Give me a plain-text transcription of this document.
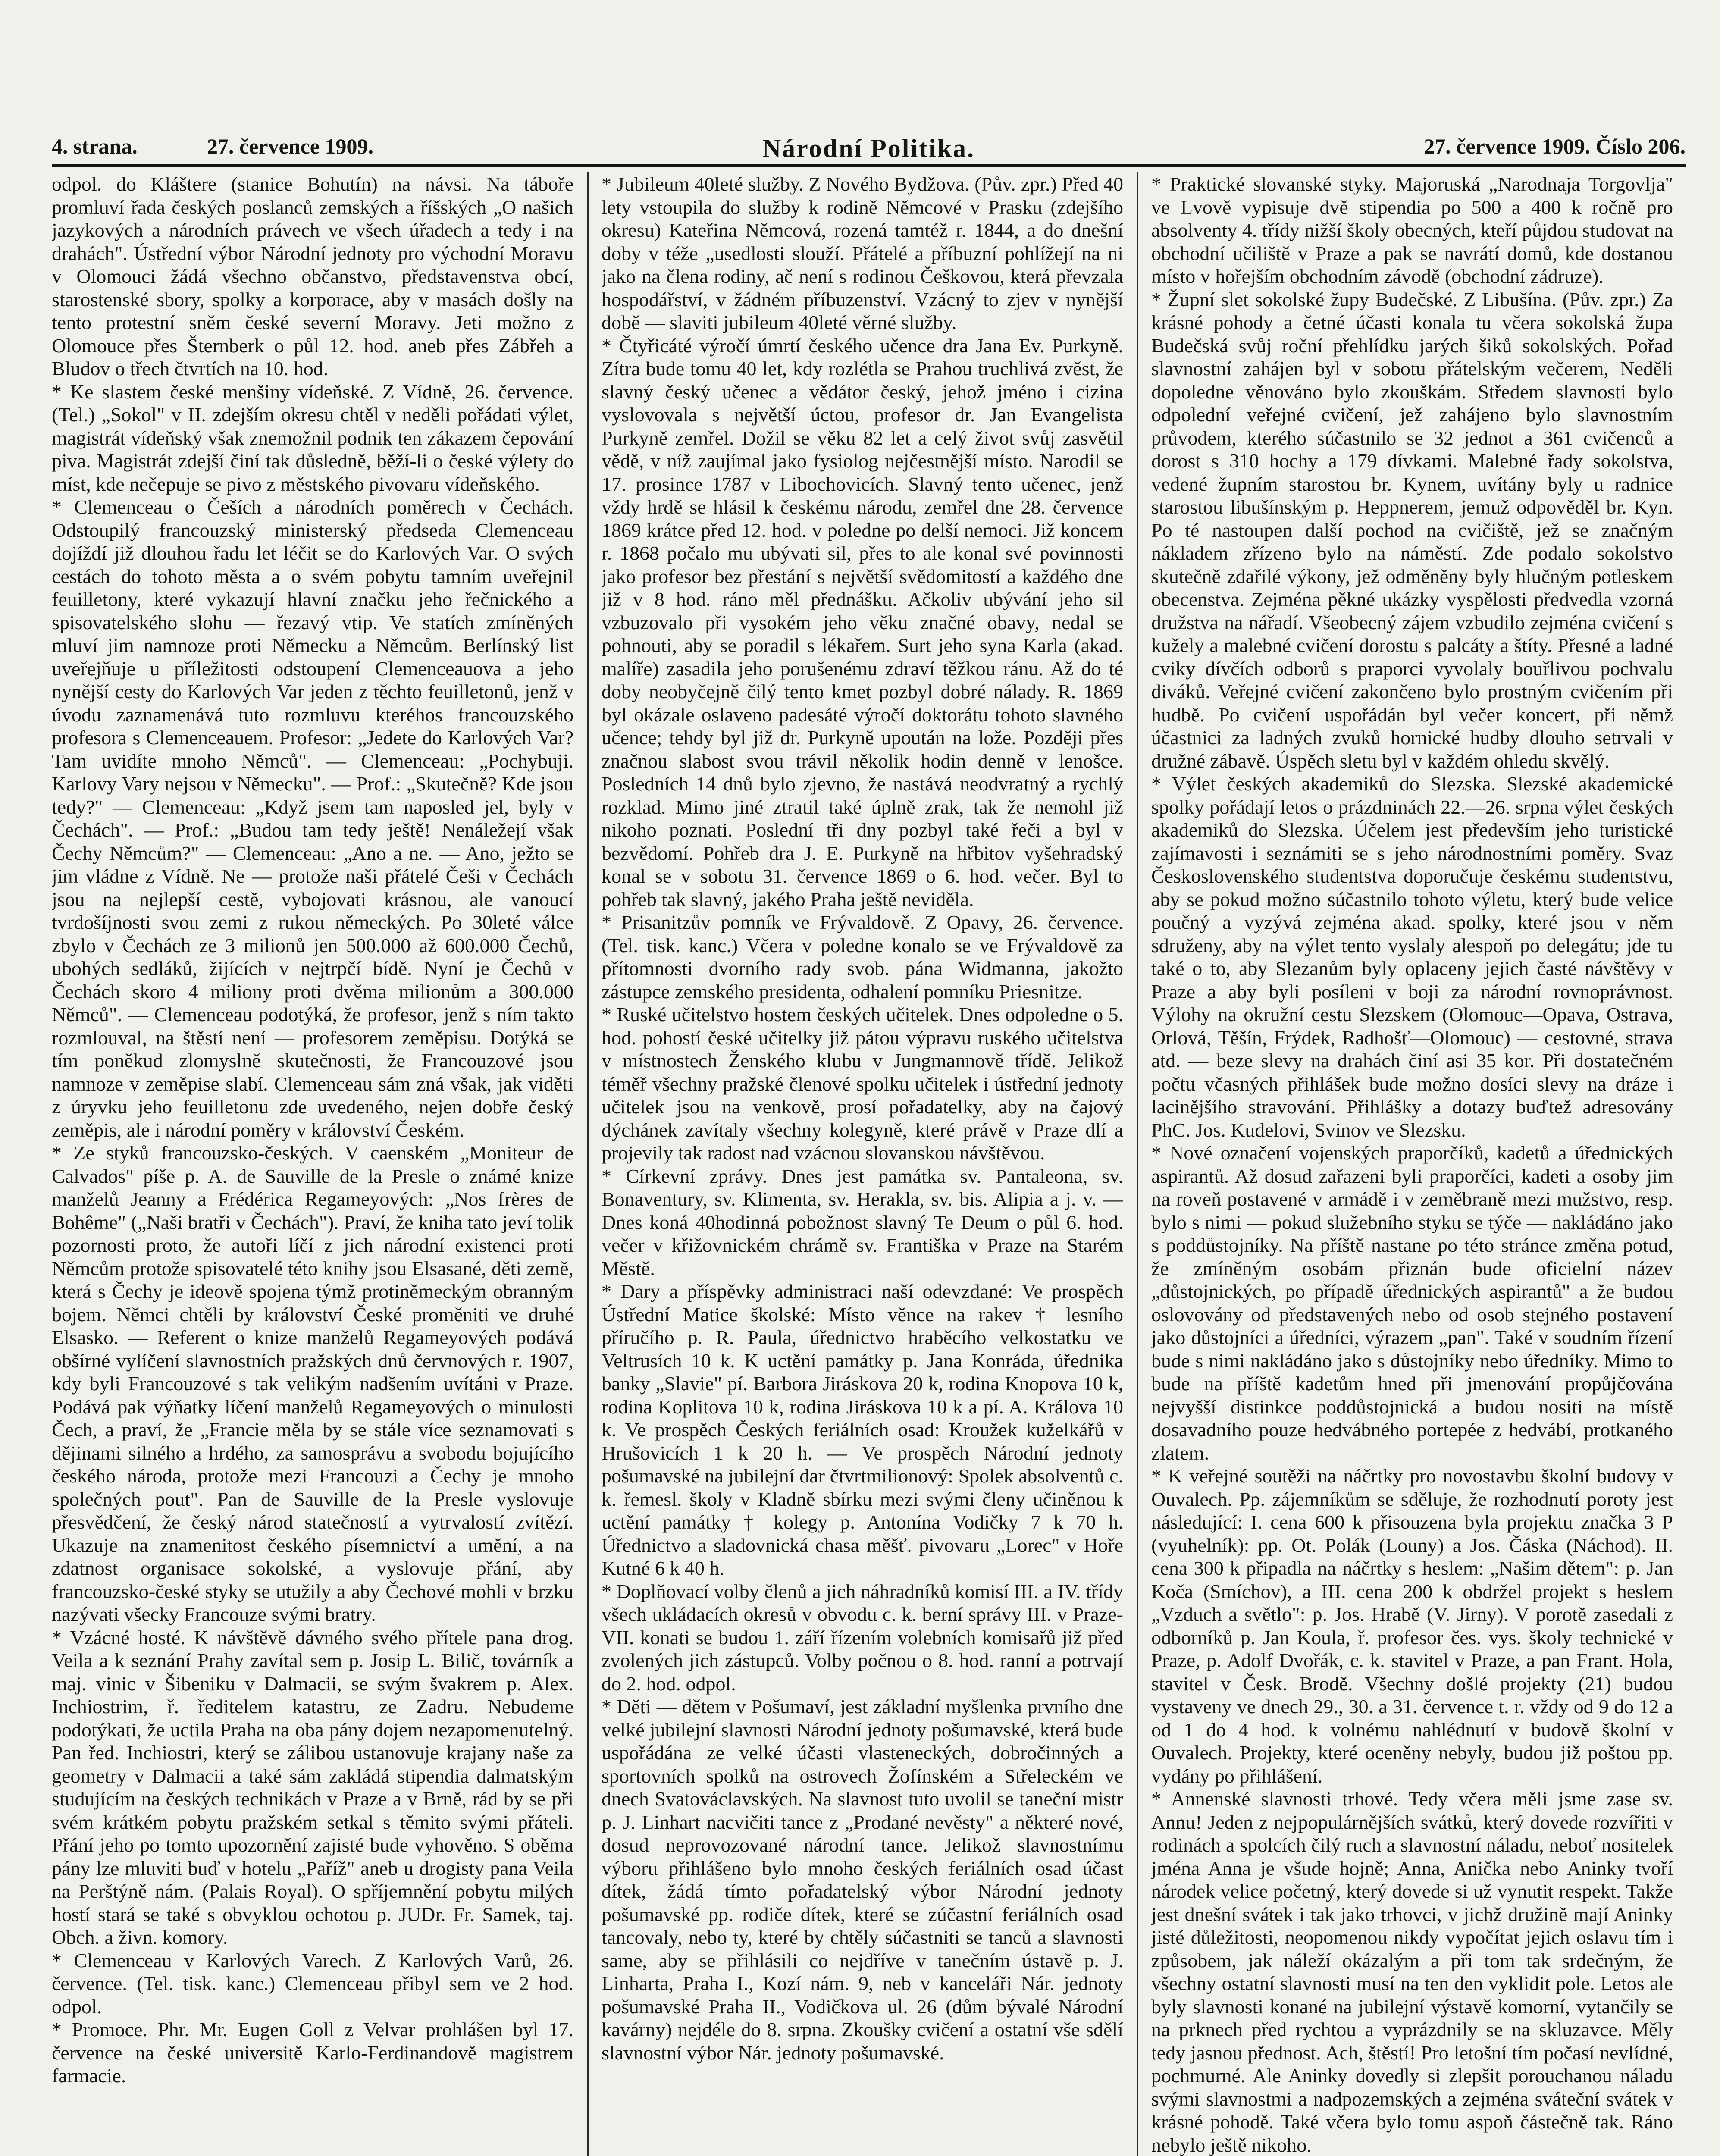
4. strana.	27. července 1909.	Národní Politika.	27. července 1909. Číslo 206.

odpol. do Kláštere (stanice Bohutín) na návsi. Na táboře promluví řada českých poslanců zemských a říšských „O našich jazykových a národních právech ve všech úřadech a tedy i na drahách". Ústřední výbor Národní jednoty pro východní Moravu v Olomouci žádá všechno občanstvo, představenstva obcí, starostenské sbory, spolky a korporace, aby v masách došly na tento protestní sněm české severní Moravy. Jeti možno z Olomouce přes Šternberk o půl 12. hod. aneb přes Zábřeh a Bludov o třech čtvrtích na 10. hod.

* Ke slastem české menšiny vídeňské. Z Vídně, 26. července. (Tel.) „Sokol" v II. zdejším okresu chtěl v neděli pořádati výlet, magistrát vídeňský však znemožnil podnik ten zákazem čepování piva. Magistrát zdejší činí tak důsledně, běží-li o české výlety do míst, kde nečepuje se pivo z městského pivovaru vídeňského.

* Clemenceau o Češích a národních poměrech v Čechách. Odstoupilý francouzský ministerský předseda Clemenceau dojíždí již dlouhou řadu let léčit se do Karlových Var. O svých cestách do tohoto města a o svém pobytu tamním uveřejnil feuilletony, které vykazují hlavní značku jeho řečnického a spisovatelského slohu — řezavý vtip. Ve statích zmíněných mluví jim namnoze proti Německu a Němcům. Berlínský list uveřejňuje u příležitosti odstoupení Clemenceauova a jeho nynější cesty do Karlových Var jeden z těchto feuilletonů, jenž v úvodu zaznamenává tuto rozmluvu kteréhos francouzského profesora s Clemenceauem. Profesor: „Jedete do Karlových Var? Tam uvidíte mnoho Němců". — Clemenceau: „Pochybuji. Karlovy Vary nejsou v Německu". — Prof.: „Skutečně? Kde jsou tedy?" — Clemenceau: „Když jsem tam naposled jel, byly v Čechách". — Prof.: „Budou tam tedy ještě! Nenáležejí však Čechy Němcům?" — Clemenceau: „Ano a ne. — Ano, ježto se jim vládne z Vídně. Ne — protože naši přátelé Češi v Čechách jsou na nejlepší cestě, vybojovati krásnou, ale vanoucí tvrdošíjnosti svou zemi z rukou německých. Po 30leté válce zbylo v Čechách ze 3 milionů jen 500.000 až 600.000 Čechů, ubohých sedláků, žijících v nejtrpčí bídě. Nyní je Čechů v Čechách skoro 4 miliony proti dvěma milionům a 300.000 Němců". — Clemenceau podotýká, že profesor, jenž s ním takto rozmlouval, na štěstí není — profesorem zeměpisu. Dotýká se tím poněkud zlomyslně skutečnosti, že Francouzové jsou namnoze v zeměpise slabí. Clemenceau sám zná však, jak viděti z úryvku jeho feuilletonu zde uvedeného, nejen dobře český zeměpis, ale i národní poměry v království Českém.

* Ze styků francouzsko-českých. V caenském „Moniteur de Calvados" píše p. A. de Sauville de la Presle o známé knize manželů Jeanny a Frédérica Regameyových: „Nos frères de Bohême" („Naši bratři v Čechách"). Praví, že kniha tato jeví tolik pozornosti proto, že autoři líčí z jich národní existenci proti Němcům protože spisovatelé této knihy jsou Elsasané, děti země, která s Čechy je ideově spojena týmž protiněmeckým obranným bojem. Němci chtěli by království České proměniti ve druhé Elsasko. — Referent o knize manželů Regameyových podává obšírné vylíčení slavnostních pražských dnů červnových r. 1907, kdy byli Francouzové s tak velikým nadšením uvítáni v Praze. Podává pak výňatky líčení manželů Regameyových o minulosti Čech, a praví, že „Francie měla by se stále více seznamovati s dějinami silného a hrdého, za samosprávu a svobodu bojujícího českého národa, protože mezi Francouzi a Čechy je mnoho společných pout". Pan de Sauville de la Presle vyslovuje přesvědčení, že český národ statečností a vytrvalostí zvítězí. Ukazuje na znamenitost českého písemnictví a umění, a na zdatnost organisace sokolské, a vyslovuje přání, aby francouzsko-české styky se utužily a aby Čechové mohli v brzku nazývati všecky Francouze svými bratry.

* Vzácné hosté. K návštěvě dávného svého přítele pana drog. Veila a k seznání Prahy zavítal sem p. Josip L. Bilič, továrník a maj. vinic v Šibeniku v Dalmacii, se svým švakrem p. Alex. Inchiostrim, ř. ředitelem katastru, ze Zadru. Nebudeme podotýkati, že uctila Praha na oba pány dojem nezapomenutelný. Pan řed. Inchiostri, který se zálibou ustanovuje krajany naše za geometry v Dalmacii a také sám zakládá stipendia dalmatským studujícím na českých technikách v Praze a v Brně, rád by se při svém krátkém pobytu pražském setkal s těmito svými přáteli. Přání jeho po tomto upozornění zajisté bude vyhověno. S oběma pány lze mluviti buď v hotelu „Paříž" aneb u drogisty pana Veila na Perštýně nám. (Palais Royal). O spříjemnění pobytu milých hostí stará se také s obvyklou ochotou p. JUDr. Fr. Samek, taj. Obch. a živn. komory.

* Clemenceau v Karlových Varech. Z Karlových Varů, 26. července. (Tel. tisk. kanc.) Clemenceau přibyl sem ve 2 hod. odpol.

* Promoce. Phr. Mr. Eugen Goll z Velvar prohlášen byl 17. července na české universitě Karlo-Ferdinandově magistrem farmacie.

* Jubileum 40leté služby. Z Nového Bydžova. (Pův. zpr.) Před 40 lety vstoupila do služby k rodině Němcové v Prasku (zdejšího okresu) Kateřina Němcová, rozená tamtéž r. 1844, a do dnešní doby v téže „usedlosti slouží. Přátelé a příbuzní pohlížejí na ni jako na člena rodiny, ač není s rodinou Češkovou, která převzala hospodářství, v žádném příbuzenství. Vzácný to zjev v nynější době — slaviti jubileum 40leté věrné služby.

* Čtyřicáté výročí úmrtí českého učence dra Jana Ev. Purkyně. Zítra bude tomu 40 let, kdy rozlétla se Prahou truchlivá zvěst, že slavný český učenec a vědátor český, jehož jméno i cizina vyslovovala s největší úctou, profesor dr. Jan Evangelista Purkyně zemřel. Dožil se věku 82 let a celý život svůj zasvětil vědě, v níž zaujímal jako fysiolog nejčestnější místo. Narodil se 17. prosince 1787 v Libochovicích. Slavný tento učenec, jenž vždy hrdě se hlásil k českému národu, zemřel dne 28. července 1869 krátce před 12. hod. v poledne po delší nemoci. Již koncem r. 1868 počalo mu ubývati sil, přes to ale konal své povinnosti jako profesor bez přestání s největší svědomitostí a každého dne již v 8 hod. ráno měl přednášku. Ačkoliv ubývání jeho sil vzbuzovalo při vysokém jeho věku značné obavy, nedal se pohnouti, aby se poradil s lékařem. Surt jeho syna Karla (akad. malíře) zasadila jeho porušenému zdraví těžkou ránu. Až do té doby neobyčejně čilý tento kmet pozbyl dobré nálady. R. 1869 byl okázale oslaveno padesáté výročí doktorátu tohoto slavného učence; tehdy byl již dr. Purkyně upoután na lože. Později přes značnou slabost svou trávil několik hodin denně v lenošce. Posledních 14 dnů bylo zjevno, že nastává neodvratný a rychlý rozklad. Mimo jiné ztratil také úplně zrak, tak že nemohl již nikoho poznati. Poslední tři dny pozbyl také řeči a byl v bezvědomí. Pohřeb dra J. E. Purkyně na hřbitov vyšehradský konal se v sobotu 31. července 1869 o 6. hod. večer. Byl to pohřeb tak slavný, jakého Praha ještě neviděla.

* Prisanitzův pomník ve Frývaldově. Z Opavy, 26. července. (Tel. tisk. kanc.) Včera v poledne konalo se ve Frývaldově za přítomnosti dvorního rady svob. pána Widmanna, jakožto zástupce zemského presidenta, odhalení pomníku Priesnitze.

* Ruské učitelstvo hostem českých učitelek. Dnes odpoledne o 5. hod. pohostí české učitelky již pátou výpravu ruského učitelstva v místnostech Ženského klubu v Jungmannově třídě. Jelikož téměř všechny pražské členové spolku učitelek i ústřední jednoty učitelek jsou na venkově, prosí pořadatelky, aby na čajový dýchánek zavítaly všechny kolegyně, které právě v Praze dlí a projevily tak radost nad vzácnou slovanskou návštěvou.

* Církevní zprávy. Dnes jest památka sv. Pantaleona, sv. Bonaventury, sv. Klimenta, sv. Herakla, sv. bis. Alipia a j. v. — Dnes koná 40hodinná pobožnost slavný Te Deum o půl 6. hod. večer v křižovnickém chrámě sv. Františka v Praze na Starém Městě.

* Dary a příspěvky administraci naší odevzdané: Ve prospěch Ústřední Matice školské: Místo věnce na rakev † lesního příručího p. R. Paula, úřednictvo hraběcího velkostatku ve Veltrusích 10 k. K uctění památky p. Jana Konráda, úřednika banky „Slavie" pí. Barbora Jiráskova 20 k, rodina Knopova 10 k, rodina Koplitova 10 k, rodina Jiráskova 10 k a pí. A. Králova 10 k. Ve prospěch Českých feriálních osad: Kroužek kuželkářů v Hrušovicích 1 k 20 h. — Ve prospěch Národní jednoty pošumavské na jubilejní dar čtvrtmilionový: Spolek absolventů c. k. řemesl. školy v Kladně sbírku mezi svými členy učiněnou k uctění památky † kolegy p. Antonína Vodičky 7 k 70 h. Úřednictvo a sladovnická chasa měšť. pivovaru „Lorec" v Hoře Kutné 6 k 40 h.

* Doplňovací volby členů a jich náhradníků komisí III. a IV. třídy všech ukládacích okresů v obvodu c. k. berní správy III. v Praze-VII. konati se budou 1. září řízením volebních komisařů již před zvolených jich zástupců. Volby počnou o 8. hod. ranní a potrvají do 2. hod. odpol.

* Děti — dětem v Pošumaví, jest základní myšlenka prvního dne velké jubilejní slavnosti Národní jednoty pošumavské, která bude uspořádána ze velké účasti vlasteneckých, dobročinných a sportovních spolků na ostrovech Žofínském a Střeleckém ve dnech Svatováclavských. Na slavnost tuto uvolil se taneční mistr p. J. Linhart nacvičiti tance z „Prodané nevěsty" a některé nové, dosud neprovozované národní tance. Jelikož slavnostnímu výboru přihlášeno bylo mnoho českých feriálních osad účast dítek, žádá tímto pořadatelský výbor Národní jednoty pošumavské pp. rodiče dítek, které se zúčastní feriálních osad tancovaly, nebo ty, které by chtěly súčastniti se tanců a slavnosti same, aby se přihlásili co nejdříve v tanečním ústavě p. J. Linharta, Praha I., Kozí nám. 9, neb v kanceláři Nár. jednoty pošumavské Praha II., Vodičkova ul. 26 (dům bývalé Národní kavárny) nejdéle do 8. srpna. Zkoušky cvičení a ostatní vše sdělí slavnostní výbor Nár. jednoty pošumavské.

* Praktické slovanské styky. Majoruská „Narodnaja Torgovlja" ve Lvově vypisuje dvě stipendia po 500 a 400 k ročně pro absolventy 4. třídy nižší školy obecných, kteří půjdou studovat na obchodní učiliště v Praze a pak se navrátí domů, kde dostanou místo v hořejším obchodním závodě (obchodní zádruze).

* Župní slet sokolské župy Budečské. Z Libušína. (Pův. zpr.) Za krásné pohody a četné účasti konala tu včera sokolská župa Budečská svůj roční přehlídku jarých šiků sokolských. Pořad slavnostní zahájen byl v sobotu přátelským večerem, Neděli dopoledne věnováno bylo zkouškám. Středem slavnosti bylo odpolední veřejné cvičení, jež zahájeno bylo slavnostním průvodem, kterého súčastnilo se 32 jednot a 361 cvičenců a dorost s 310 hochy a 179 dívkami. Malebné řady sokolstva, vedené župním starostou br. Kynem, uvítány byly u radnice starostou libušínským p. Heppnerem, jemuž odpověděl br. Kyn. Po té nastoupen další pochod na cvičiště, jež se značným nákladem zřízeno bylo na náměstí. Zde podalo sokolstvo skutečně zdařilé výkony, jež odměněny byly hlučným potleskem obecenstva. Zejména pěkné ukázky vyspělosti předvedla vzorná družstva na nářadí. Všeobecný zájem vzbudilo zejména cvičení s kužely a malebné cvičení dorostu s palcáty a štíty. Přesné a ladné cviky dívčích odborů s praporci vyvolaly bouřlivou pochvalu diváků. Veřejné cvičení zakončeno bylo prostným cvičením při hudbě. Po cvičení uspořádán byl večer koncert, při němž účastnici za ladných zvuků hornické hudby dlouho setrvali v družné zábavě. Úspěch sletu byl v každém ohledu skvělý.

* Výlet českých akademiků do Slezska. Slezské akademické spolky pořádají letos o prázdninách 22.—26. srpna výlet českých akademiků do Slezska. Účelem jest především jeho turistické zajímavosti i seznámiti se s jeho národnostními poměry. Svaz Československého studentstva doporučuje českému studentstvu, aby se pokud možno súčastnilo tohoto výletu, který bude velice poučný a vyzývá zejména akad. spolky, které jsou v něm sdruženy, aby na výlet tento vyslaly alespoň po delegátu; jde tu také o to, aby Slezanům byly oplaceny jejich časté návštěvy v Praze a aby byli posíleni v boji za národní rovnoprávnost. Výlohy na okružní cestu Slezskem (Olomouc—Opava, Ostrava, Orlová, Těšín, Frýdek, Radhošť—Olomouc) — cestovné, strava atd. — beze slevy na drahách činí asi 35 kor. Při dostatečném počtu včasných přihlášek bude možno dosíci slevy na dráze i lacinějšího stravování. Přihlášky a dotazy buďtež adresovány PhC. Jos. Kudelovi, Svinov ve Slezsku.

* Nové označení vojenských praporčíků, kadetů a úřednických aspirantů. Až dosud zařazeni byli praporčíci, kadeti a osoby jim na roveň postavené v armádě i v zeměbraně mezi mužstvo, resp. bylo s nimi — pokud služebního styku se týče — nakládáno jako s poddůstojníky. Na příště nastane po této stránce změna potud, že zmíněným osobám přiznán bude oficielní název „důstojnických, po případě úřednických aspirantů" a že budou oslovovány od představených nebo od osob stejného postavení jako důstojníci a úředníci, výrazem „pan". Také v soudním řízení bude s nimi nakládáno jako s důstojníky nebo úředníky. Mimo to bude na příště kadetům hned při jmenování propůjčována nejvyšší distinkce poddůstojnická a budou nositi na místě dosavadního pouze hedvábného portepée z hedvábí, protkaného zlatem.

* K veřejné soutěži na náčrtky pro novostavbu školní budovy v Ouvalech. Pp. zájemníkům se sděluje, že rozhodnutí poroty jest následující: I. cena 600 k přisouzena byla projektu značka 3 P (vyuhelník): pp. Ot. Polák (Louny) a Jos. Čáska (Náchod). II. cena 300 k připadla na náčrtky s heslem: „Našim dětem": p. Jan Koča (Smíchov), a III. cena 200 k obdržel projekt s heslem „Vzduch a světlo": p. Jos. Hrabě (V. Jirny). V porotě zasedali z odborníků p. Jan Koula, ř. profesor čes. vys. školy technické v Praze, p. Adolf Dvořák, c. k. stavitel v Praze, a pan Frant. Hola, stavitel v Česk. Brodě. Všechny došlé projekty (21) budou vystaveny ve dnech 29., 30. a 31. července t. r. vždy od 9 do 12 a od 1 do 4 hod. k volnému nahlédnutí v budově školní v Ouvalech. Projekty, které oceněny nebyly, budou již poštou pp. vydány po přihlášení.

* Annenské slavnosti trhové. Tedy včera měli jsme zase sv. Annu! Jeden z nejpopulárnějších svátků, který dovede rozvířiti v rodinách a spolcích čilý ruch a slavnostní náladu, neboť nositelek jména Anna je všude hojně; Anna, Anička nebo Aninky tvoří národek velice početný, který dovede si už vynutit respekt. Takže jest dnešní svátek i tak jako trhovci, v jichž družině mají Aninky jisté důležitosti, neopomenou nikdy vypočítat jejich oslavu tím i způsobem, jak náleží okázalým a při tom tak srdečným, že všechny ostatní slavnosti musí na ten den vyklidit pole. Letos ale byly slavnosti konané na jubilejní výstavě komorní, vytančily se na prknech před rychtou a vyprázdnily se na skluzavce. Měly tedy jasnou přednost. Ach, štěstí! Pro letošní tím počasí nevlídné, pochmurné. Ale Aninky dovedly si zlepšit porouchanou náladu svými slavnostmi a nadpozemských a zejména sváteční svátek v krásné pohodě. Také včera bylo tomu aspoň částečně tak. Ráno nebylo ještě nikoho.
